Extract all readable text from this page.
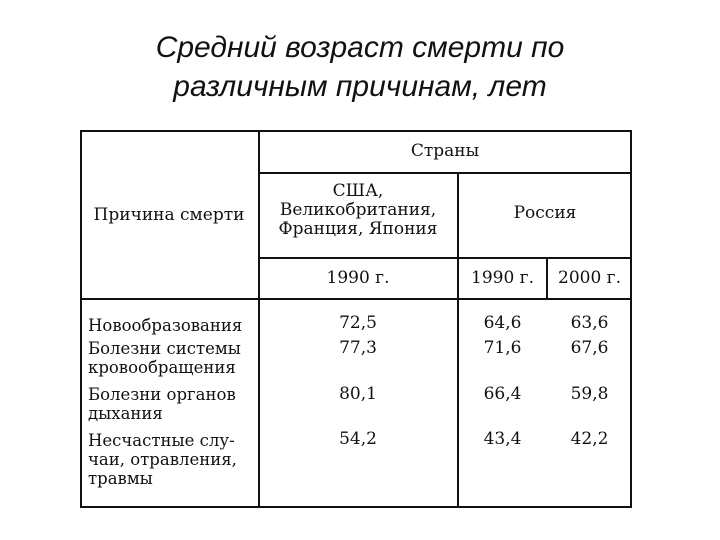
Средний возраст смерти по
различным причинам, лет
Причина смерти
Страны
США,
Великобритания,
Франция, Япония
Россия
1990 г.	1990 г.	2000 г.
Новообразования	72,5	64,6	63,6
Болезни системы
кровообращения
77,3	71,6	67,6
Болезни органов
дыхания
80,1	66,4	59,8
Несчастные слу-
чаи, отравления,
травмы
54,2	43,4	42,2
